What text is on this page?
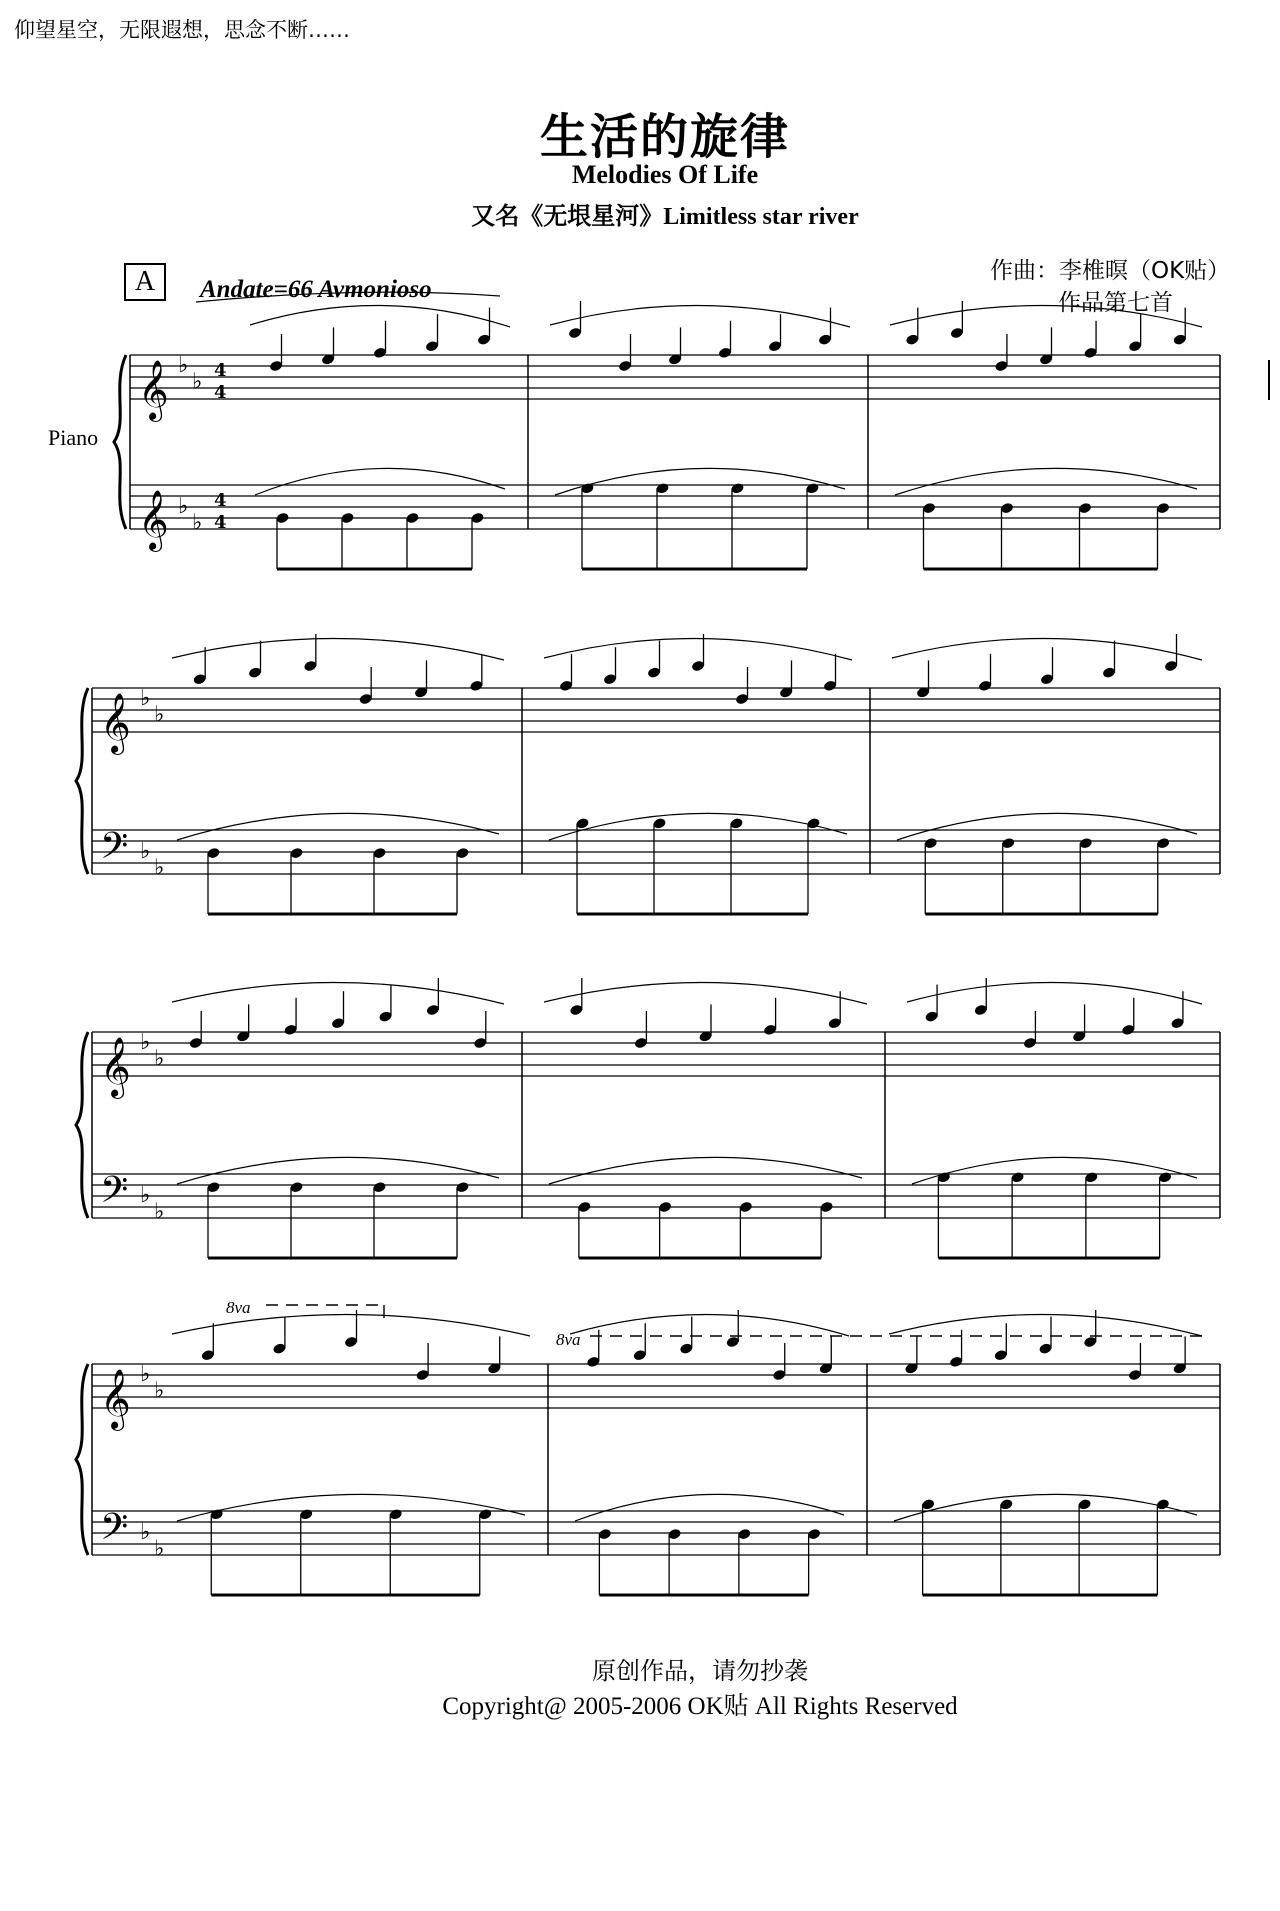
仰望星空，无限遐想，思念不断……
生活的旋律
Melodies Of Life
又名《无垠星河》Limitless star river
作曲：李椎暝（OK贴）
作品第七首
A	Andate=66 Avmonioso
Piano
8va
8va
𝄞
𝄞
♭
♭
♭
♭
4
4
4
4
𝄞
𝄢
♭
♭
♭
♭
𝄞
𝄢
♭
♭
♭
♭
𝄞
𝄢
♭
♭
♭
♭
原创作品，请勿抄袭
Copyright@ 2005-2006 OK贴 All Rights Reserved
